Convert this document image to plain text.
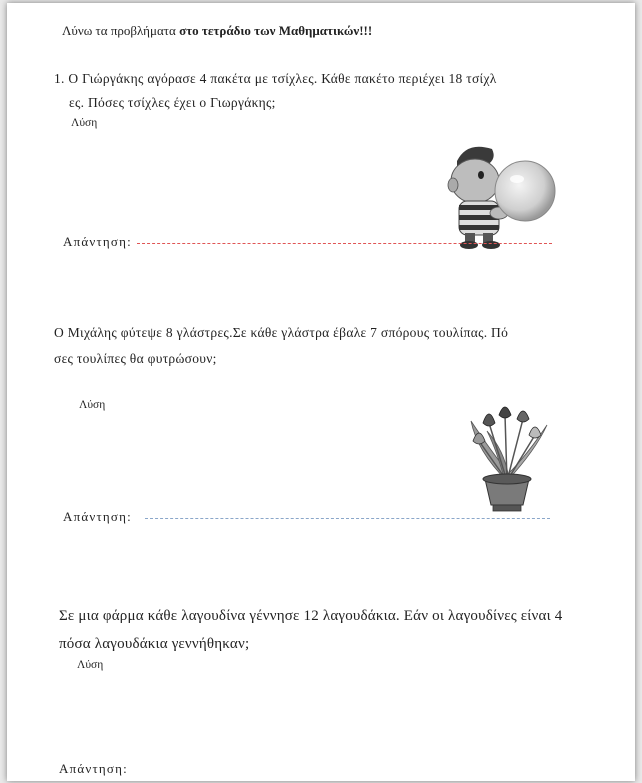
Λύνω τα προβλήματα στο τετράδιο των Μαθηματικών!!!
1. Ο Γιώργάκης αγόρασε 4 πακέτα με τσίχλες. Κάθε πακέτο περιέχει 18 τσίχλ
ες. Πόσες τσίχλες έχει ο Γιωργάκης;
Λύση
Απάντηση:
Ο Μιχάλης φύτεψε 8 γλάστρες.Σε κάθε γλάστρα έβαλε 7 σπόρους τουλίπας. Πό
σες τουλίπες θα φυτρώσουν;
Λύση
Απάντηση:
Σε μια φάρμα κάθε λαγουδίνα γέννησε 12 λαγουδάκια. Εάν οι λαγουδίνες είναι 4
πόσα λαγουδάκια γεννήθηκαν;
Λύση
Απάντηση:
